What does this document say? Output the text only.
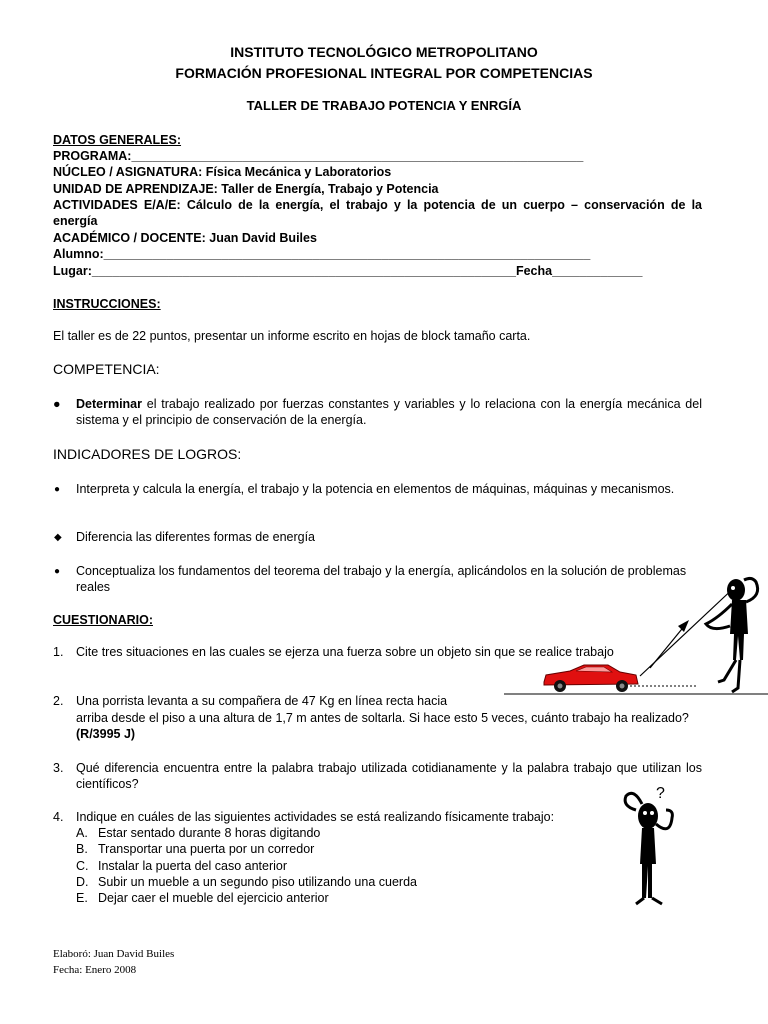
INSTITUTO TECNOLÓGICO METROPOLITANO
FORMACIÓN PROFESIONAL INTEGRAL POR COMPETENCIAS
TALLER DE TRABAJO POTENCIA Y ENRGÍA
DATOS GENERALES:
PROGRAMA:_________________________________________________________________
NÚCLEO / ASIGNATURA: Física Mecánica y Laboratorios
UNIDAD DE APRENDIZAJE: Taller de Energía, Trabajo y Potencia
ACTIVIDADES E/A/E: Cálculo de la energía, el trabajo y la potencia de un cuerpo – conservación de la energía
ACADÉMICO / DOCENTE: Juan David Builes
Alumno:______________________________________________________________________
Lugar:_____________________________________________________________Fecha_____________
INSTRUCCIONES:
El taller es de 22 puntos, presentar un informe escrito en hojas de block tamaño carta.
COMPETENCIA:
● Determinar el trabajo realizado por fuerzas constantes y variables y lo relaciona con la energía mecánica del sistema y el principio de conservación de la energía.
INDICADORES DE LOGROS:
● Interpreta y calcula la energía, el trabajo y la potencia en elementos de máquinas, máquinas y mecanismos.
◆ Diferencia las diferentes formas de energía
● Conceptualiza los fundamentos del teorema del trabajo y la energía, aplicándolos en la solución de problemas reales
CUESTIONARIO:
1. Cite tres situaciones en las cuales se ejerza una fuerza sobre un objeto sin que se realice trabajo
2. Una porrista levanta a su compañera de 47 Kg en línea recta hacia
arriba desde el piso a una altura de 1,7 m antes de soltarla. Si hace esto 5 veces, cuánto trabajo ha realizado? (R/3995 J)
3. Qué diferencia encuentra entre la palabra trabajo utilizada cotidianamente y la palabra trabajo que utilizan los científicos?
4. Indique en cuáles de las siguientes actividades se está realizando físicamente trabajo:
A. Estar sentado durante 8 horas digitando
B. Transportar una puerta por un corredor
C. Instalar la puerta del caso anterior
D. Subir un mueble a un segundo piso utilizando una cuerda
E. Dejar caer el mueble del ejercicio anterior
Elaboró: Juan David Builes
Fecha: Enero 2008
?
